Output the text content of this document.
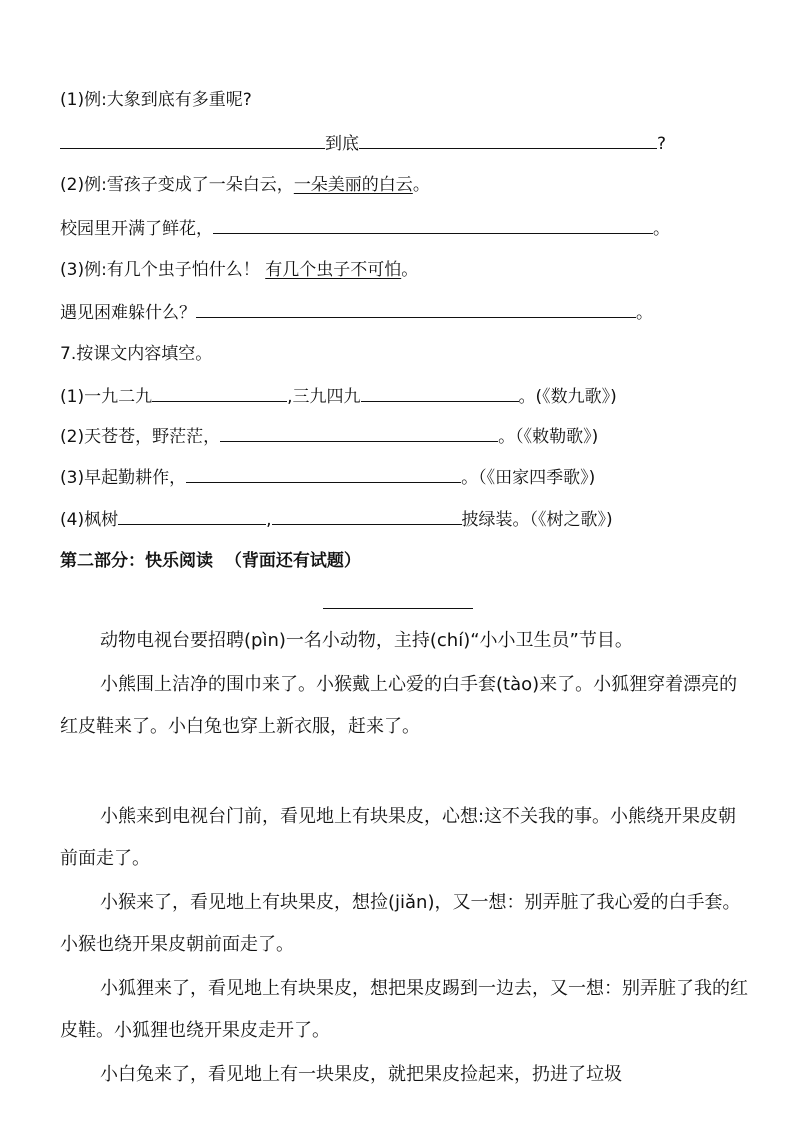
(1)例:大象到底有多重呢?
到底	?
(2)例:雪孩子变成了一朵白云，一朵美丽的白云。
校园里开满了鲜花，	。
(3)例:有几个虫子怕什么！ 有几个虫子不可怕。
遇见困难躲什么？	。
7.按课文内容填空。
(1)一九二九	,三九四九	。(《数九歌》)
(2)天苍苍，野茫茫，	。（《敕勒歌》)
(3)早起勤耕作，	。（《田家四季歌》)
(4)枫树	,	披绿装。（《树之歌》)
第二部分：快乐阅读 （背面还有试题）

动物电视台要招聘(pìn)一名小动物，主持(chí)“小小卫生员”节目。

小熊围上洁净的围巾来了。小猴戴上心爱的白手套(tào)来了。小狐狸穿着漂亮的红皮鞋来了。小白兔也穿上新衣服，赶来了。

小熊来到电视台门前，看见地上有块果皮，心想:这不关我的事。小熊绕开果皮朝前面走了。

小猴来了，看见地上有块果皮，想捡(jiǎn)，又一想：别弄脏了我心爱的白手套。小猴也绕开果皮朝前面走了。

小狐狸来了，看见地上有块果皮，想把果皮踢到一边去，又一想：别弄脏了我的红皮鞋。小狐狸也绕开果皮走开了。

小白兔来了，看见地上有一块果皮，就把果皮捡起来，扔进了垃圾
